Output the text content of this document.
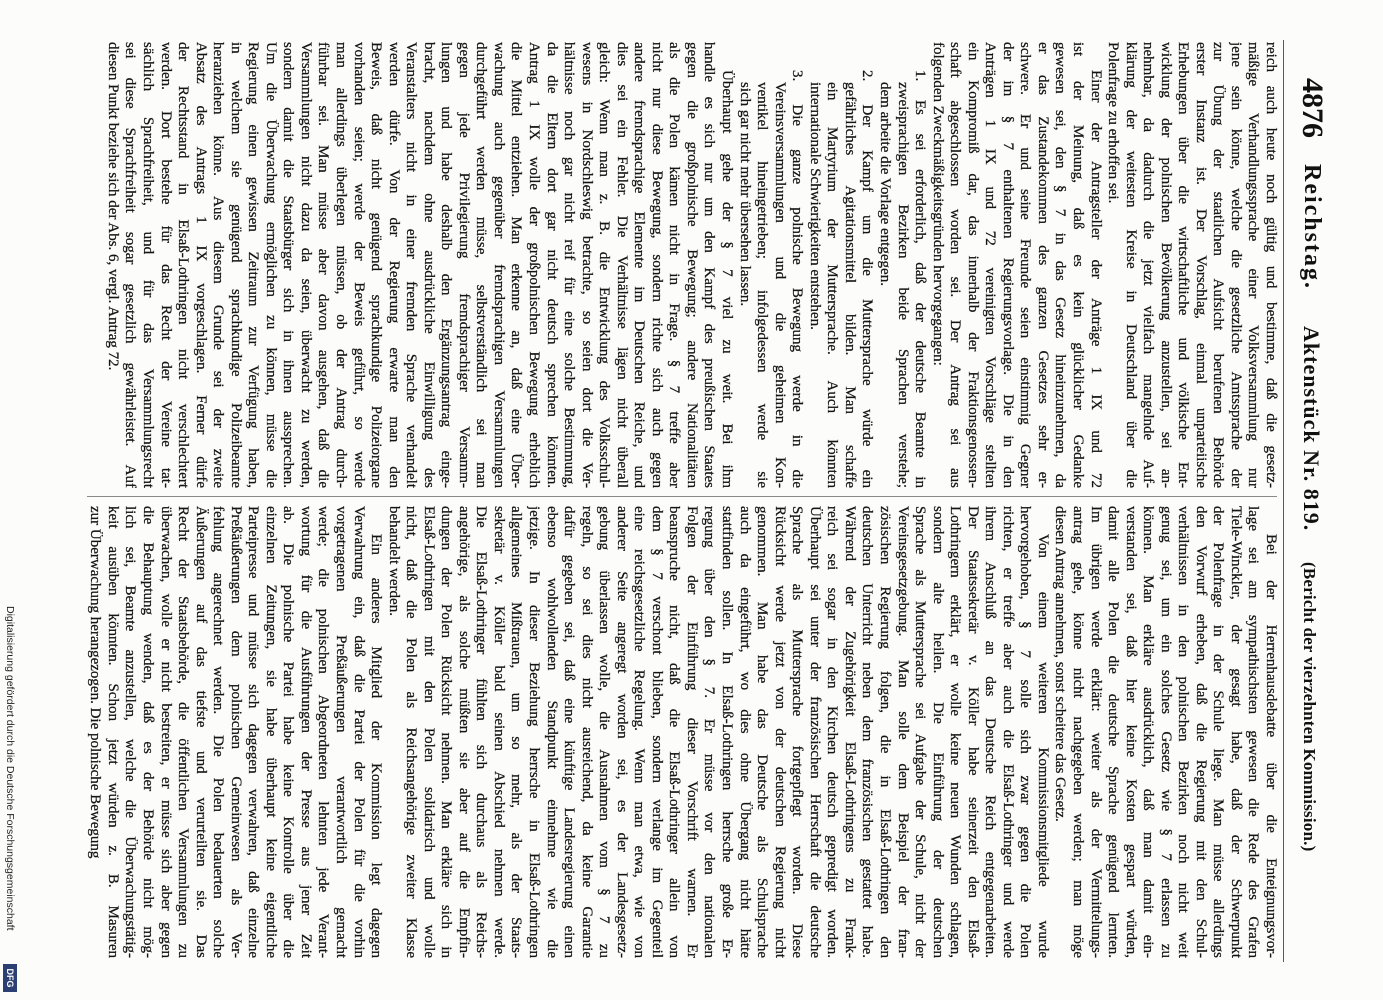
4876
Reichstag.
Aktenstück Nr. 819.
(Bericht der vierzehnten Kommission.)
reich auch heute noch gültig und bestimme, daß die gesetz-
mäßige Verhandlungssprache einer Volksversammlung nur
jene sein könne, welche die gesetzliche Amtssprache der
zur Übung der staatlichen Aufsicht berufenen Behörde
erster Instanz ist. Der Vorschlag, einmal unparteiische
Erhebungen über die wirtschaftliche und völkische Ent-
wicklung der polnischen Bevölkerung anzustellen, sei an-
nehmbar, da dadurch die jetzt vielfach mangelnde Auf-
klärung der weitesten Kreise in Deutschland über die
Polenfrage zu erhoffen sei.
Einer der Antragsteller der Anträge 1 IX und 72
ist der Meinung, daß es kein glücklicher Gedanke
gewesen sei, den § 7 in das Gesetz hineinzunehmen, da
er das Zustandekommen des ganzen Gesetzes sehr er-
schwere. Er und seine Freunde seien einstimmig Gegner
der im § 7 enthaltenen Regierungsvorlage. Die in den
Anträgen 1 IX und 72 vereinigten Vorschläge stellten
ein Kompromiß dar, das innerhalb der Fraktionsgenossen-
schaft abgeschlossen worden sei. Der Antrag sei aus
folgenden Zweckmäßigkeitsgründen hervorgegangen:
1. Es sei erforderlich, daß der deutsche Beamte in
zweisprachigen Bezirken beide Sprachen verstehe;
dem arbeite die Vorlage entgegen.
2. Der Kampf um die Muttersprache würde ein
gefährliches Agitationsmittel bilden. Man schaffe
ein Martyrium der Muttersprache. Auch könnten
internationale Schwierigkeiten entstehen.
3. Die ganze polnische Bewegung werde in die
Vereinsversammlungen und die geheimen Kon-
ventikel hineingetrieben; infolgedessen werde sie
sich gar nicht mehr übersehen lassen.
Überhaupt gehe der § 7 viel zu weit. Bei ihm
handle es sich nur um den Kampf des preußischen Staates
gegen die großpolnische Bewegung; andere Nationalitäten
als die Polen kämen nicht in Frage. § 7 treffe aber
nicht nur diese Bewegung, sondern richte sich auch gegen
andere fremdsprachige Elemente im Deutschen Reiche, und
dies sei ein Fehler. Die Verhältnisse lägen nicht überall
gleich: Wenn man z. B. die Entwicklung des Volksschul-
wesens in Nordschleswig betrachte, so seien dort die Ver-
hältnisse noch gar nicht reif für eine solche Bestimmung,
da die Eltern dort gar nicht deutsch sprechen könnten.
Antrag 1 IX wolle der großpolnischen Bewegung erheblich
die Mittel entziehen. Man erkenne an, daß eine Über-
wachung auch gegenüber fremdsprachigen Versammlungen
durchgeführt werden müsse, selbstverständlich sei man
gegen jede Privilegierung fremdsprachiger Versamm-
lungen und habe deshalb den Ergänzungsantrag einge-
bracht, nachdem ohne ausdrückliche Einwilligung des
Veranstalters nicht in einer fremden Sprache verhandelt
werden dürfe. Von der Regierung erwarte man den
Beweis, daß nicht genügend sprachkundige Polizeiorgane
vorhanden seien; werde der Beweis geführt, so werde
man allerdings überlegen müssen, ob der Antrag durch-
führbar sei. Man müsse aber davon ausgehen, daß die
Versammlungen nicht dazu da seien, überwacht zu werden,
sondern damit die Staatsbürger sich in ihnen aussprechen.
Um die Überwachung ermöglichen zu können, müsse die
Regierung einen gewissen Zeitraum zur Verfügung haben,
in welchem sie genügend sprachkundige Polizeibeamte
heranziehen könne. Aus diesem Grunde sei der zweite
Absatz des Antrags 1 IX vorgeschlagen. Ferner dürfe
der Rechtsstand in Elsaß-Lothringen nicht verschlechtert
werden. Dort bestehe für das Recht der Vereine tat-
sächlich Sprachfreiheit, und für das Versammlungsrecht
sei diese Sprachfreiheit sogar gesetzlich gewährleistet. Auf
diesen Punkt beziehe sich der Abs. 6, vergl. Antrag 72.
Bei der Herrenhausdebatte über die Enteignungsvor-
lage sei am sympathischsten gewesen die Rede des Grafen
Tiele-Winckler, der gesagt habe, daß der Schwerpunkt
der Polenfrage in der Schule liege. Man müsse allerdings
den Vorwurf erheben, daß die Regierung mit den Schul-
verhältnissen in den polnischen Bezirken noch nicht weit
genug sei, um ein solches Gesetz wie § 7 erlassen zu
können. Man erkläre ausdrücklich, daß man damit ein-
verstanden sei, daß hier keine Kosten gespart würden,
damit alle Polen die deutsche Sprache genügend lernten.
Im übrigen werde erklärt: weiter als der Vermittelungs-
antrag gehe, könne nicht nachgegeben werden; man möge
diesen Antrag annehmen, sonst scheitere das Gesetz.
Von einem weiteren Kommissionsmitgliede wurde
hervorgehoben, § 7 solle sich zwar gegen die Polen
richten, er treffe aber auch die Elsaß-Lothringer und werde
ihrem Anschluß an das Deutsche Reich entgegenarbeiten.
Der Staatssekretär v. Köller habe seinerzeit den Elsaß-
Lothringern erklärt, er wolle keine neuen Wunden schlagen,
sondern alte heilen. Die Einführung der deutschen
Sprache als Muttersprache sei Aufgabe der Schule, nicht der
Vereinsgesetzgebung. Man solle dem Beispiel der fran-
zösischen Regierung folgen, die in Elsaß-Lothringen den
deutschen Unterricht neben dem französischen gestattet habe.
Während der Zugehörigkeit Elsaß-Lothringens zu Frank-
reich sei sogar in den Kirchen deutsch gepredigt worden.
Überhaupt sei unter der französischen Herrschaft die deutsche
Sprache als Muttersprache fortgepflegt worden. Diese
Rücksicht werde jetzt von der deutschen Regierung nicht
genommen. Man habe das Deutsche als Schulsprache
auch da eingeführt, wo dies ohne Übergang nicht hätte
stattfinden sollen. In Elsaß-Lothringen herrsche große Er-
regung über den § 7. Er müsse vor den nationalen
Folgen der Einführung dieser Vorschrift warnen. Er
beanspruche nicht, daß die Elsaß-Lothringer allein von
dem § 7 verschont blieben, sondern verlange im Gegenteil
eine reichsgesetzliche Regelung. Wenn man etwa, wie von
anderer Seite angeregt worden sei, es der Landesgesetz-
gebung überlassen wolle, die Ausnahmen vom § 7 zu
regeln, so sei dies nicht ausreichend, da keine Garantie
dafür gegeben sei, daß eine künftige Landesregierung einen
ebenso wohlwollenden Standpunkt einnehme wie die
jetzige. In dieser Beziehung herrsche in Elsaß-Lothringen
allgemeines Mißtrauen, um so mehr, als der Staats-
sekretär v. Köller bald seinen Abschied nehmen werde.
Die Elsaß-Lothringer fühlten sich durchaus als Reichs-
angehörige, als solche müßten sie aber auf die Empfin-
dungen der Polen Rücksicht nehmen. Man erkläre sich in
Elsaß-Lothringen mit den Polen solidarisch und wolle
nicht, daß die Polen als Reichsangehörige zweiter Klasse
behandelt werden.
Ein anderes Mitglied der Kommission legt dagegen
Verwahrung ein, daß die Partei der Polen für die vorhin
vorgetragenen Preßäußerungen verantwortlich gemacht
werde; die polnischen Abgeordneten lehnten jede Verant-
wortung für die Ausführungen der Presse aus jener Zeit
ab. Die polnische Partei habe keine Kontrolle über die
einzelnen Zeitungen, sie habe überhaupt keine eigentliche
Parteipresse und müsse sich dagegen verwahren, daß einzelne
Preßäußerungen dem polnischen Gemeinwesen als Ver-
fehlung angerechnet werden. Die Polen bedauerten solche
Äußerungen auf das tiefste und verurteilten sie. Das
Recht der Staatsbehörde, die öffentlichen Versammlungen zu
überwachen, wolle er nicht bestreiten, er müsse sich aber gegen
die Behauptung wenden, daß es der Behörde nicht mög-
lich sei, Beamte anzustellen, welche die Überwachungstätig-
keit ausüben könnten. Schon jetzt würden z. B. Masuren
zur Überwachung herangezogen. Die polnische Bewegung
Digitalisierung gefördert durch die Deutsche Forschungsgemeinschaft
DFG
